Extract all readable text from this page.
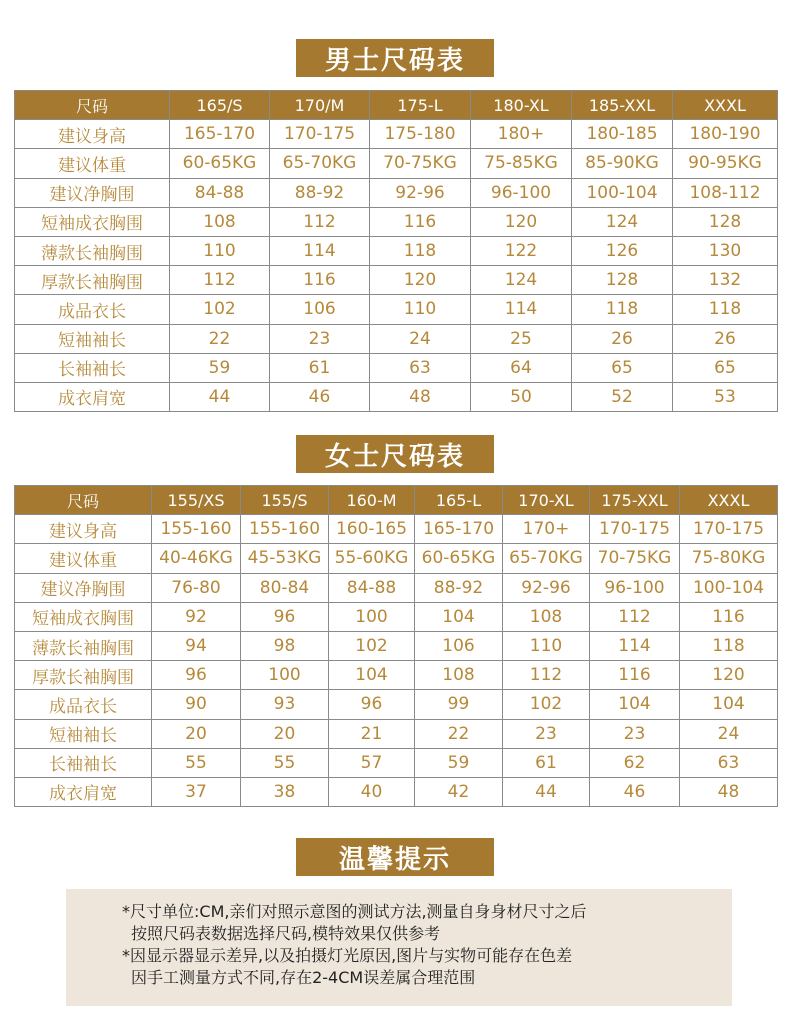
男士尺码表
尺码	165/S	170/M	175-L	180-XL	185-XXL	XXXL
建议身高	165-170	170-175	175-180	180+	180-185	180-190
建议体重	60-65KG	65-70KG	70-75KG	75-85KG	85-90KG	90-95KG
建议净胸围	84-88	88-92	92-96	96-100	100-104	108-112
短袖成衣胸围	108	112	116	120	124	128
薄款长袖胸围	110	114	118	122	126	130
厚款长袖胸围	112	116	120	124	128	132
成品衣长	102	106	110	114	118	118
短袖袖长	22	23	24	25	26	26
长袖袖长	59	61	63	64	65	65
成衣肩宽	44	46	48	50	52	53
女士尺码表
尺码	155/XS	155/S	160-M	165-L	170-XL	175-XXL	XXXL
建议身高	155-160	155-160	160-165	165-170	170+	170-175	170-175
建议体重	40-46KG	45-53KG	55-60KG	60-65KG	65-70KG	70-75KG	75-80KG
建议净胸围	76-80	80-84	84-88	88-92	92-96	96-100	100-104
短袖成衣胸围	92	96	100	104	108	112	116
薄款长袖胸围	94	98	102	106	110	114	118
厚款长袖胸围	96	100	104	108	112	116	120
成品衣长	90	93	96	99	102	104	104
短袖袖长	20	20	21	22	23	23	24
长袖袖长	55	55	57	59	61	62	63
成衣肩宽	37	38	40	42	44	46	48
温馨提示

*尺寸单位:CM,亲们对照示意图的测试方法,测量自身身材尺寸之后

按照尺码表数据选择尺码,模特效果仅供参考

*因显示器显示差异,以及拍摄灯光原因,图片与实物可能存在色差

因手工测量方式不同,存在2-4CM误差属合理范围
